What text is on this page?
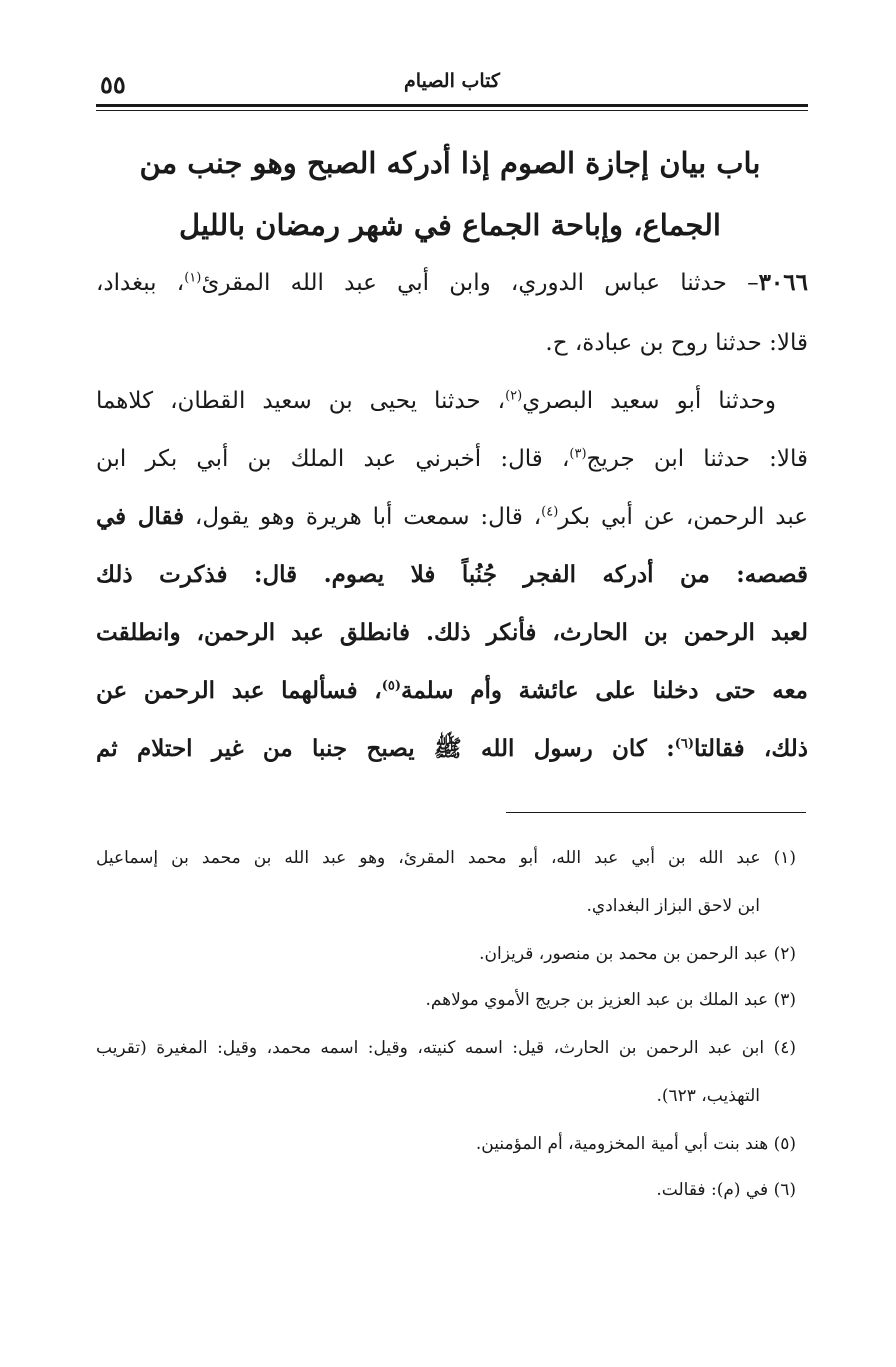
كتاب الصيام
٥٥
باب بيان إجازة الصوم إذا أدركه الصبح وهو جنب من
الجماع، وإباحة الجماع في شهر رمضان بالليل
٣٠٦٦– حدثنا عباس الدوري، وابن أبي عبد الله المقرئ$^{(١)}$، ببغداد،
قالا: حدثنا روح بن عبادة، ح.
وحدثنا أبو سعيد البصري$^{(٢)}$، حدثنا يحيى بن سعيد القطان، كلاهما
قالا: حدثنا ابن جريج$^{(٣)}$، قال: أخبرني عبد الملك بن أبي بكر ابن
عبد الرحمن، عن أبي بكر$^{(٤)}$، قال: سمعت أبا هريرة وهو يقول، فقال في
قصصه: من أدركه الفجر جُنُباً فلا يصوم. قال: فذكرت ذلك
لعبد الرحمن بن الحارث، فأنكر ذلك. فانطلق عبد الرحمن، وانطلقت
معه حتى دخلنا على عائشة وأم سلمة$^{(٥)}$، فسألهما عبد الرحمن عن
ذلك، فقالتا$^{(٦)}$: كان رسول الله ﷺ يصبح جنبا من غير احتلام ثم
(١) عبد الله بن أبي عبد الله، أبو محمد المقرئ، وهو عبد الله بن محمد بن إسماعيل
ابن لاحق البزاز البغدادي.
(٢) عبد الرحمن بن محمد بن منصور، قريزان.
(٣) عبد الملك بن عبد العزيز بن جريج الأموي مولاهم.
(٤) ابن عبد الرحمن بن الحارث، قيل: اسمه كنيته، وقيل: اسمه محمد، وقيل: المغيرة (تقريب
التهذيب، ٦٢٣).
(٥) هند بنت أبي أمية المخزومية، أم المؤمنين.
(٦) في (م): فقالت.
